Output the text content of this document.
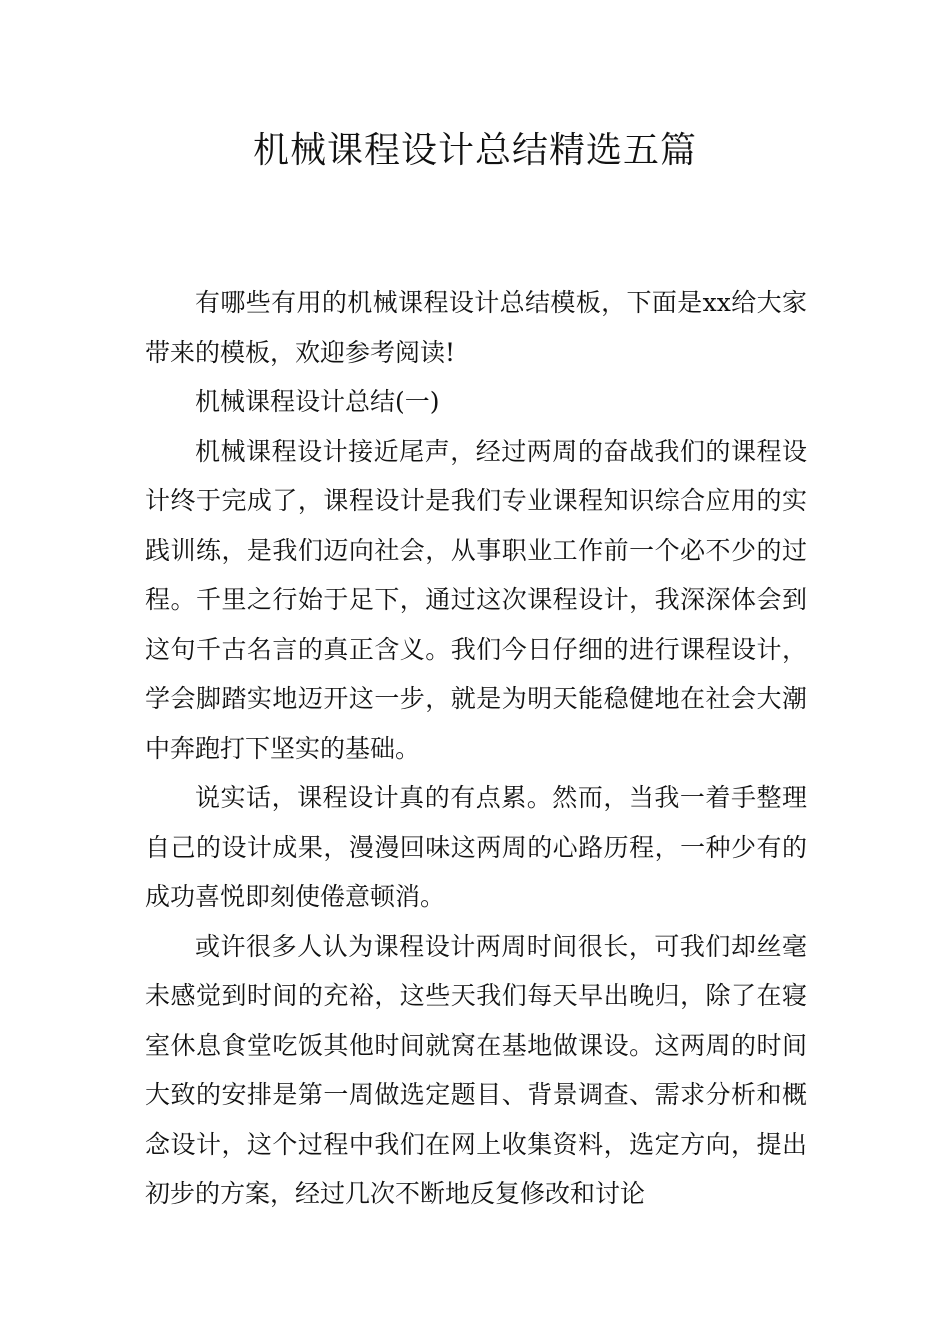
机械课程设计总结精选五篇

有哪些有用的机械课程设计总结模板，下面是xx给大家带来的模板，欢迎参考阅读!

机械课程设计总结(一)

机械课程设计接近尾声，经过两周的奋战我们的课程设计终于完成了，课程设计是我们专业课程知识综合应用的实践训练，是我们迈向社会，从事职业工作前一个必不少的过程。千里之行始于足下，通过这次课程设计，我深深体会到这句千古名言的真正含义。我们今日仔细的进行课程设计，学会脚踏实地迈开这一步，就是为明天能稳健地在社会大潮中奔跑打下坚实的基础。

说实话，课程设计真的有点累。然而，当我一着手整理自己的设计成果，漫漫回味这两周的心路历程，一种少有的成功喜悦即刻使倦意顿消。

或许很多人认为课程设计两周时间很长，可我们却丝毫未感觉到时间的充裕，这些天我们每天早出晚归，除了在寝室休息食堂吃饭其他时间就窝在基地做课设。这两周的时间大致的安排是第一周做选定题目、背景调查、需求分析和概念设计，这个过程中我们在网上收集资料，选定方向，提出初步的方案，经过几次不断地反复修改和讨论
